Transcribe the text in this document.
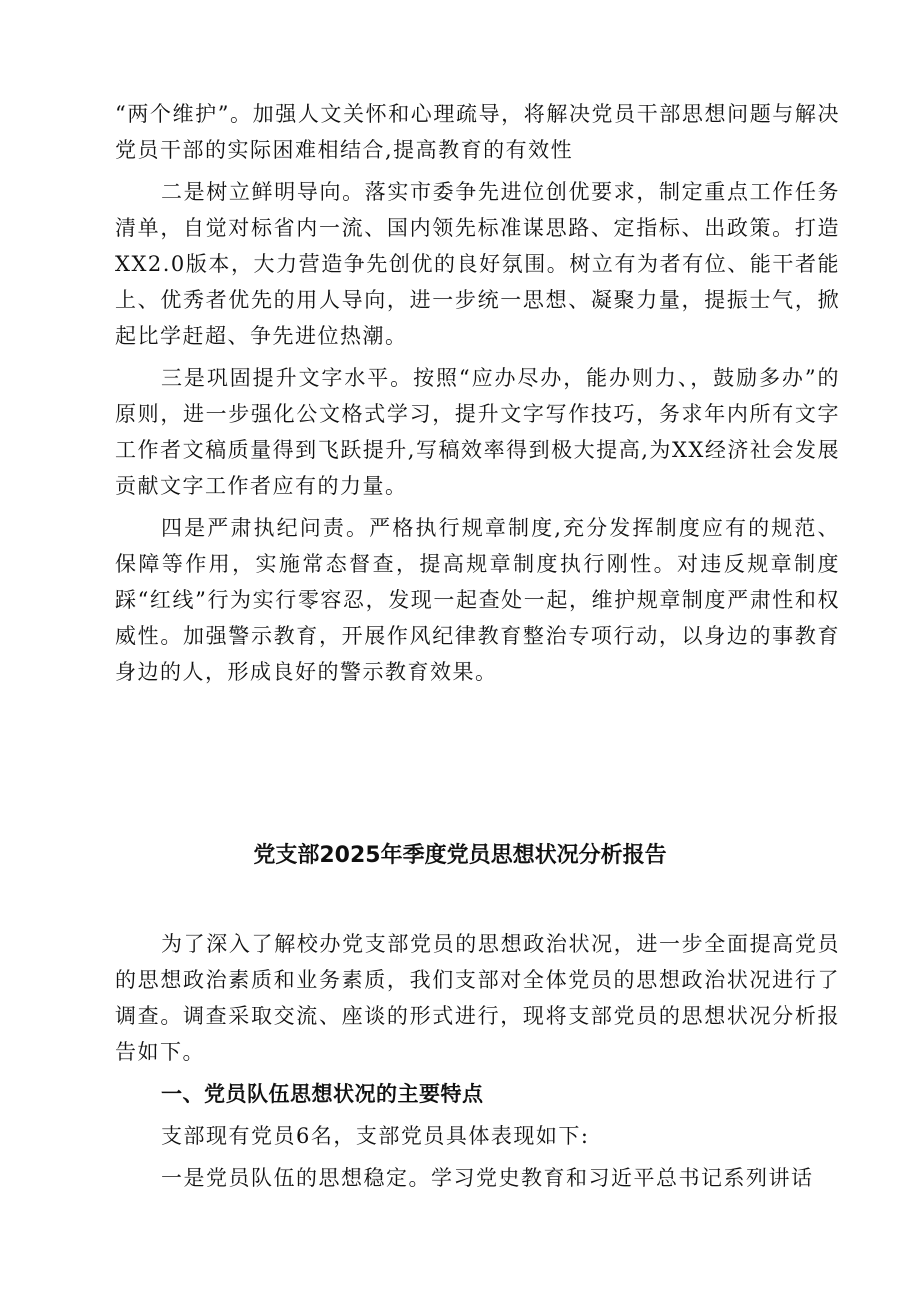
“两个维护”。加强人文关怀和心理疏导，将解决党员干部思想问题与解决党员干部的实际困难相结合,提高教育的有效性

二是树立鲜明导向。落实市委争先进位创优要求，制定重点工作任务清单，自觉对标省内一流、国内领先标准谋思路、定指标、出政策。打造XX2.0版本，大力营造争先创优的良好氛围。树立有为者有位、能干者能上、优秀者优先的用人导向，进一步统一思想、凝聚力量，提振士气，掀起比学赶超、争先进位热潮。

三是巩固提升文字水平。按照“应办尽办，能办则力、，鼓励多办”的原则，进一步强化公文格式学习，提升文字写作技巧，务求年内所有文字工作者文稿质量得到飞跃提升,写稿效率得到极大提高,为XX经济社会发展贡献文字工作者应有的力量。

四是严肃执纪问责。严格执行规章制度,充分发挥制度应有的规范、保障等作用，实施常态督查，提高规章制度执行刚性。对违反规章制度踩“红线”行为实行零容忍，发现一起查处一起，维护规章制度严肃性和权威性。加强警示教育，开展作风纪律教育整治专项行动，以身边的事教育身边的人，形成良好的警示教育效果。

党支部2025年季度党员思想状况分析报告

为了深入了解校办党支部党员的思想政治状况，进一步全面提高党员的思想政治素质和业务素质，我们支部对全体党员的思想政治状况进行了调查。调查采取交流、座谈的形式进行，现将支部党员的思想状况分析报告如下。

一、党员队伍思想状况的主要特点

支部现有党员6名，支部党员具体表现如下:

一是党员队伍的思想稳定。学习党史教育和习近平总书记系列讲话
